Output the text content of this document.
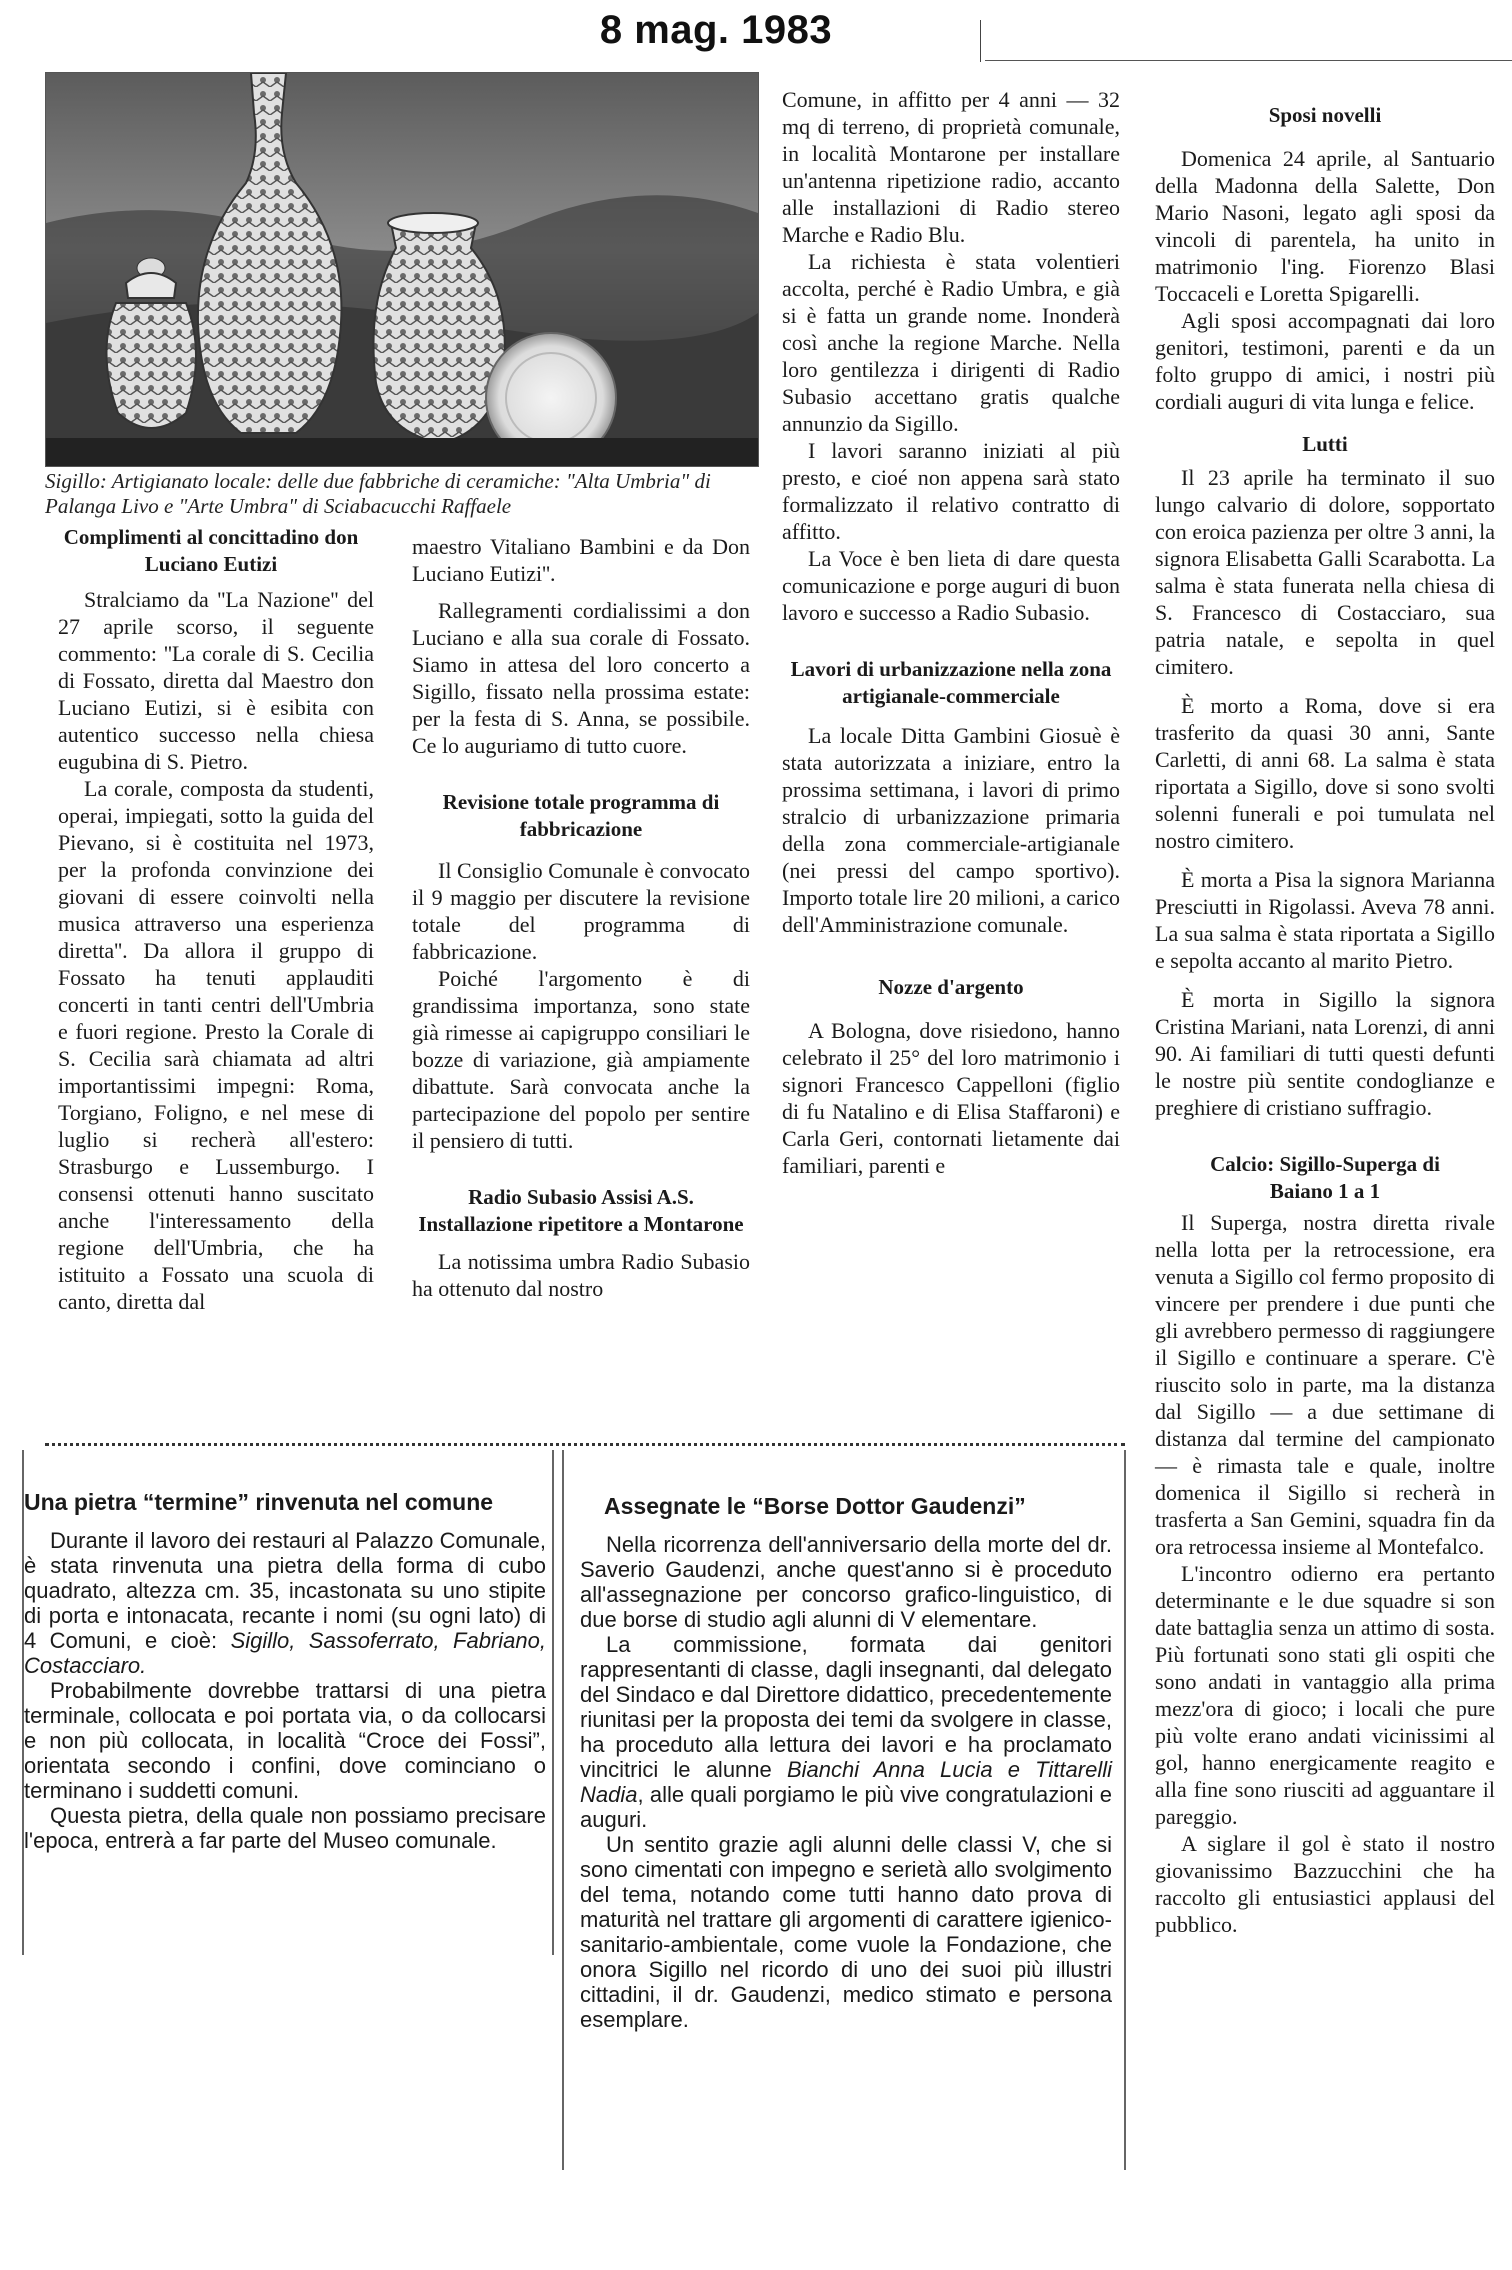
8 mag. 1983
Sigillo: Artigianato locale: delle due fabbriche di ceramiche: "Alta Umbria" di Palanga Livo e "Arte Umbra" di Sciabacucchi Raffaele
Complimenti al concittadino don Luciano Eutizi

Stralciamo da ''La Nazione'' del 27 aprile scorso, il seguente commento: ''La corale di S. Cecilia di Fossato, diretta dal Maestro don Luciano Eutizi, si è esibita con autentico successo nella chiesa eugubina di S. Pietro.

La corale, composta da studenti, operai, impiegati, sotto la guida del Pievano, si è costituita nel 1973, per la profonda convinzione dei giovani di essere coinvolti nella musica attraverso una esperienza diretta''. Da allora il gruppo di Fossato ha tenuti applauditi concerti in tanti centri dell'Umbria e fuori regione. Presto la Corale di S. Cecilia sarà chiamata ad altri importantissimi impegni: Roma, Torgiano, Foligno, e nel mese di luglio si recherà all'estero: Strasburgo e Lussemburgo. I consensi ottenuti hanno suscitato anche l'interessamento della regione dell'Umbria, che ha istituito a Fossato una scuola di canto, diretta dal

maestro Vitaliano Bambini e da Don Luciano Eutizi''.

Rallegramenti cordialissimi a don Luciano e alla sua corale di Fossato. Siamo in attesa del loro concerto a Sigillo, fissato nella prossima estate: per la festa di S. Anna, se possibile. Ce lo auguriamo di tutto cuore.

Revisione totale programma di fabbricazione

Il Consiglio Comunale è convocato il 9 maggio per discutere la revisione totale del programma di fabbricazione.

Poiché l'argomento è di grandissima importanza, sono state già rimesse ai capigruppo consiliari le bozze di variazione, già ampiamente dibattute. Sarà convocata anche la partecipazione del popolo per sentire il pensiero di tutti.

Radio Subasio Assisi A.S. Installazione ripetitore a Montarone

La notissima umbra Radio Subasio ha ottenuto dal nostro

Comune, in affitto per 4 anni — 32 mq di terreno, di proprietà comunale, in località Montarone per installare un'antenna ripetizione radio, accanto alle installazioni di Radio stereo Marche e Radio Blu.

La richiesta è stata volentieri accolta, perché è Radio Umbra, e già si è fatta un grande nome. Inonderà così anche la regione Marche. Nella loro gentilezza i dirigenti di Radio Subasio accettano gratis qualche annunzio da Sigillo.

I lavori saranno iniziati al più presto, e cioé non appena sarà stato formalizzato il relativo contratto di affitto.

La Voce è ben lieta di dare questa comunicazione e porge auguri di buon lavoro e successo a Radio Subasio.

Lavori di urbanizzazione nella zona artigianale-commerciale

La locale Ditta Gambini Giosuè è stata autorizzata a iniziare, entro la prossima settimana, i lavori di primo stralcio di urbanizzazione primaria della zona commerciale-artigianale (nei pressi del campo sportivo). Importo totale lire 20 milioni, a carico dell'Amministrazione comunale.

Nozze d'argento

A Bologna, dove risiedono, hanno celebrato il 25° del loro matrimonio i signori Francesco Cappelloni (figlio di fu Natalino e di Elisa Staffaroni) e Carla Geri, contornati lietamente dai familiari, parenti e

Sposi novelli

Domenica 24 aprile, al Santuario della Madonna della Salette, Don Mario Nasoni, legato agli sposi da vincoli di parentela, ha unito in matrimonio l'ing. Fiorenzo Blasi Toccaceli e Loretta Spigarelli.

Agli sposi accompagnati dai loro genitori, testimoni, parenti e da un folto gruppo di amici, i nostri più cordiali auguri di vita lunga e felice.

Lutti

Il 23 aprile ha terminato il suo lungo calvario di dolore, sopportato con eroica pazienza per oltre 3 anni, la signora Elisabetta Galli Scarabotta. La salma è stata funerata nella chiesa di S. Francesco di Costacciaro, sua patria natale, e sepolta in quel cimitero.

È morto a Roma, dove si era trasferito da quasi 30 anni, Sante Carletti, di anni 68. La salma è stata riportata a Sigillo, dove si sono svolti solenni funerali e poi tumulata nel nostro cimitero.

È morta a Pisa la signora Marianna Presciutti in Rigolassi. Aveva 78 anni. La sua salma è stata riportata a Sigillo e sepolta accanto al marito Pietro.

È morta in Sigillo la signora Cristina Mariani, nata Lorenzi, di anni 90. Ai familiari di tutti questi defunti le nostre più sentite condoglianze e preghiere di cristiano suffragio.

Calcio: Sigillo-Superga di Baiano 1 a 1

Il Superga, nostra diretta rivale nella lotta per la retrocessione, era venuta a Sigillo col fermo proposito di vincere per prendere i due punti che gli avrebbero permesso di raggiungere il Sigillo e continuare a sperare. C'è riuscito solo in parte, ma la distanza dal Sigillo — a due settimane di distanza dal termine del campionato — è rimasta tale e quale, inoltre domenica il Sigillo si recherà in trasferta a San Gemini, squadra fin da ora retrocessa insieme al Montefalco.

L'incontro odierno era pertanto determinante e le due squadre si son date battaglia senza un attimo di sosta. Più fortunati sono stati gli ospiti che sono andati in vantaggio alla prima mezz'ora di gioco; i locali che pure più volte erano andati vicinissimi al gol, hanno energicamente reagito e alla fine sono riusciti ad agguantare il pareggio.

A siglare il gol è stato il nostro giovanissimo Bazzucchini che ha raccolto gli entusiastici applausi del pubblico.

Una pietra “termine” rinvenuta nel comune

Durante il lavoro dei restauri al Palazzo Comunale, è stata rinvenuta una pietra della forma di cubo quadrato, altezza cm. 35, incastonata su uno stipite di porta e intonacata, recante i nomi (su ogni lato) di 4 Comuni, e cioè: Sigillo, Sassoferrato, Fabriano, Costacciaro.

Probabilmente dovrebbe trattarsi di una pietra terminale, collocata e poi portata via, o da collocarsi e non più collocata, in località “Croce dei Fossi”, orientata secondo i confini, dove cominciano o terminano i suddetti comuni.

Questa pietra, della quale non possiamo precisare l'epoca, entrerà a far parte del Museo comunale.

Assegnate le “Borse Dottor Gaudenzi”

Nella ricorrenza dell'anniversario della morte del dr. Saverio Gaudenzi, anche quest'anno si è proceduto all'assegnazione per concorso grafico-linguistico, di due borse di studio agli alunni di V elementare.

La commissione, formata dai genitori rappresentanti di classe, dagli insegnanti, dal delegato del Sindaco e dal Direttore didattico, precedentemente riunitasi per la proposta dei temi da svolgere in classe, ha proceduto alla lettura dei lavori e ha proclamato vincitrici le alunne Bianchi Anna Lucia e Tittarelli Nadia, alle quali porgiamo le più vive congratulazioni e auguri.

Un sentito grazie agli alunni delle classi V, che si sono cimentati con impegno e serietà allo svolgimento del tema, notando come tutti hanno dato prova di maturità nel trattare gli argomenti di carattere igienico-sanitario-ambientale, come vuole la Fondazione, che onora Sigillo nel ricordo di uno dei suoi più illustri cittadini, il dr. Gaudenzi, medico stimato e persona esemplare.
